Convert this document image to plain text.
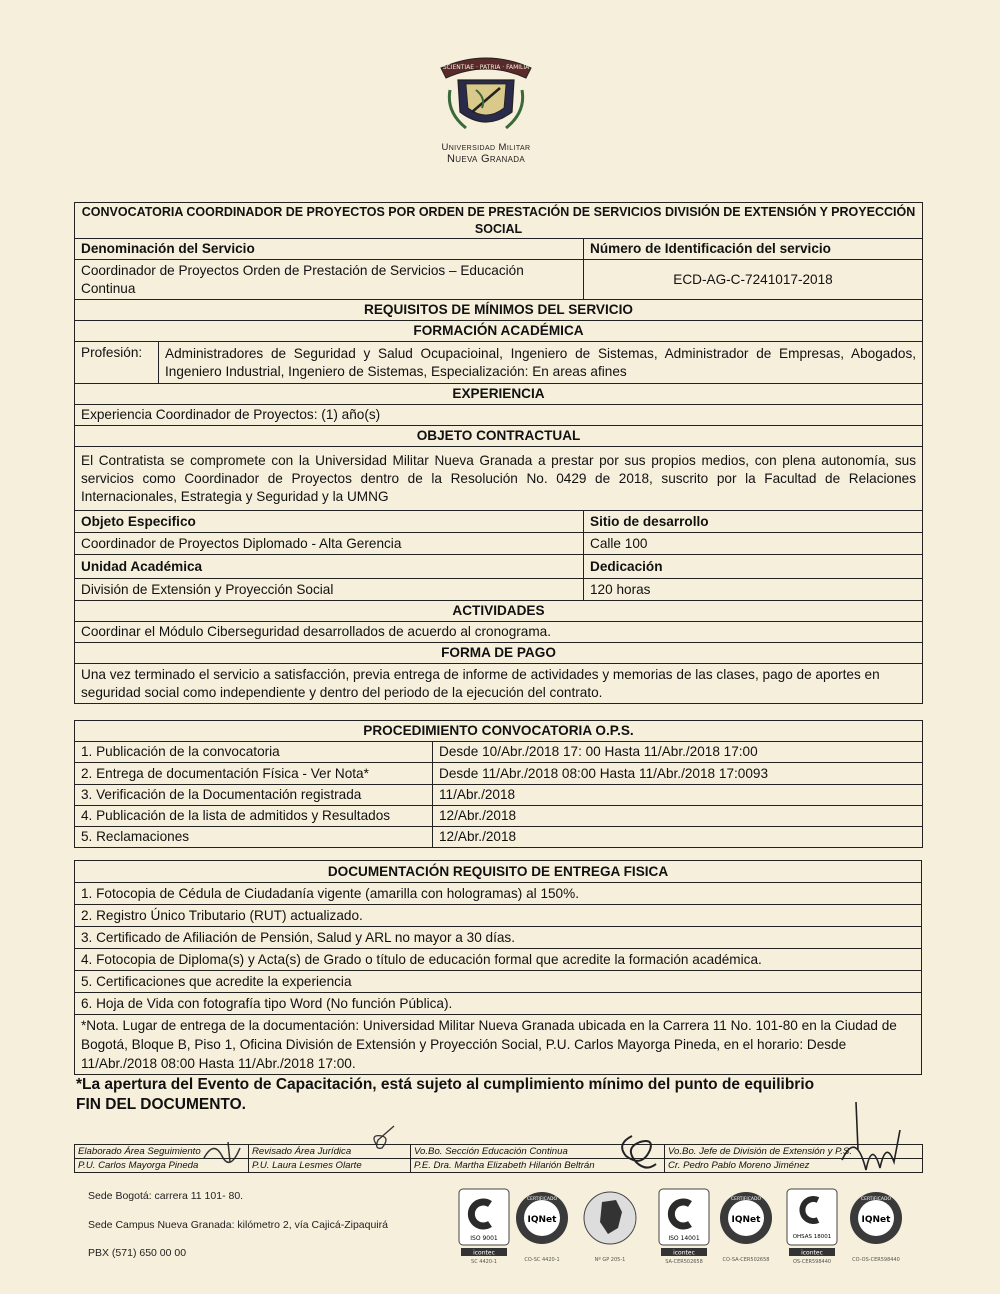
SCIENTIAE · PATRIA · FAMILIA
Universidad Militar
Nueva Granada
CONVOCATORIA COORDINADOR DE PROYECTOS POR ORDEN DE PRESTACIÓN DE SERVICIOS DIVISIÓN DE EXTENSIÓN Y PROYECCIÓN SOCIAL		
Denominación del Servicio		Número de Identificación del servicio
Coordinador de Proyectos Orden de Prestación de Servicios – Educación Continua		ECD-AG-C-7241017-2018
REQUISITOS DE MÍNIMOS DEL SERVICIO		
FORMACIÓN ACADÉMICA		
Profesión:	Administradores de Seguridad y Salud Ocupacioinal, Ingeniero de Sistemas, Administrador de Empresas, Abogados, Ingeniero Industrial, Ingeniero de Sistemas, Especialización: En areas afines	
EXPERIENCIA		
Experiencia Coordinador de Proyectos: (1) año(s)		
OBJETO CONTRACTUAL		
El Contratista se compromete con la Universidad Militar Nueva Granada a prestar por sus propios medios, con plena autonomía, sus servicios como Coordinador de Proyectos dentro de la Resolución No. 0429 de 2018, suscrito por la Facultad de Relaciones Internacionales, Estrategia y Seguridad y la UMNG		
Objeto Especifico		Sitio de desarrollo
Coordinador de Proyectos Diplomado - Alta Gerencia		Calle 100
Unidad Académica		Dedicación
División de Extensión y Proyección Social		120 horas
ACTIVIDADES		
Coordinar el Módulo Ciberseguridad desarrollados de acuerdo al cronograma.		
FORMA DE PAGO		
Una vez terminado el servicio a satisfacción, previa entrega de informe de actividades y memorias de las clases, pago de aportes en seguridad social como independiente y dentro del periodo de la ejecución del contrato.		
PROCEDIMIENTO CONVOCATORIA O.P.S.	
1. Publicación de la convocatoria	Desde 10/Abr./2018 17: 00 Hasta 11/Abr./2018 17:00
2. Entrega de documentación Física - Ver Nota*	Desde 11/Abr./2018 08:00 Hasta 11/Abr./2018 17:0093
3. Verificación de la Documentación registrada	11/Abr./2018
4. Publicación de la lista de admitidos y Resultados	12/Abr./2018
5. Reclamaciones	12/Abr./2018
DOCUMENTACIÓN REQUISITO DE ENTREGA FISICA
1. Fotocopia de Cédula de Ciudadanía vigente (amarilla con hologramas) al 150%.
2. Registro Único Tributario (RUT) actualizado.
3. Certificado de Afiliación de Pensión, Salud y ARL no mayor a 30 días.
4. Fotocopia de Diploma(s) y Acta(s) de Grado o título de educación formal que acredite la formación académica.
5. Certificaciones que acredite la experiencia
6. Hoja de Vida con fotografía tipo Word (No función Pública).
*Nota. Lugar de entrega de la documentación: Universidad Militar Nueva Granada ubicada en la Carrera 11 No. 101-80 en la Ciudad de Bogotá, Bloque B, Piso 1, Oficina División de Extensión y Proyección Social, P.U. Carlos Mayorga Pineda, en el horario: Desde 11/Abr./2018 08:00 Hasta 11/Abr./2018 17:00.
*La apertura del Evento de Capacitación, está sujeto al cumplimiento mínimo del punto de equilibrio
FIN DEL DOCUMENTO.
Elaborado Área Seguimiento	Revisado Área Jurídica	Vo.Bo. Sección Educación Continua	Vo.Bo. Jefe de División de Extensión y P.S.
P.U. Carlos Mayorga Pineda	P.U. Laura Lesmes Olarte	P.E. Dra. Martha Elizabeth Hilarión Beltrán	Cr. Pedro Pablo Moreno Jiménez
Sede Bogotá: carrera 11 101- 80.
Sede Campus Nueva Granada: kilómetro 2, vía Cajicá-Zipaquirá
PBX (571) 650 00 00
ISO 9001
icontec
SC 4420-1
IQNet
CERTIFICADO
CO-SC 4420-1	Nº GP 205-1
ISO 14001
icontec
SA-CER502658
IQNet
CERTIFICADO
CO-SA-CER502658
OHSAS 18001
icontec
OS-CER598440
IQNet
CERTIFICADO
CO-OS-CER598440
